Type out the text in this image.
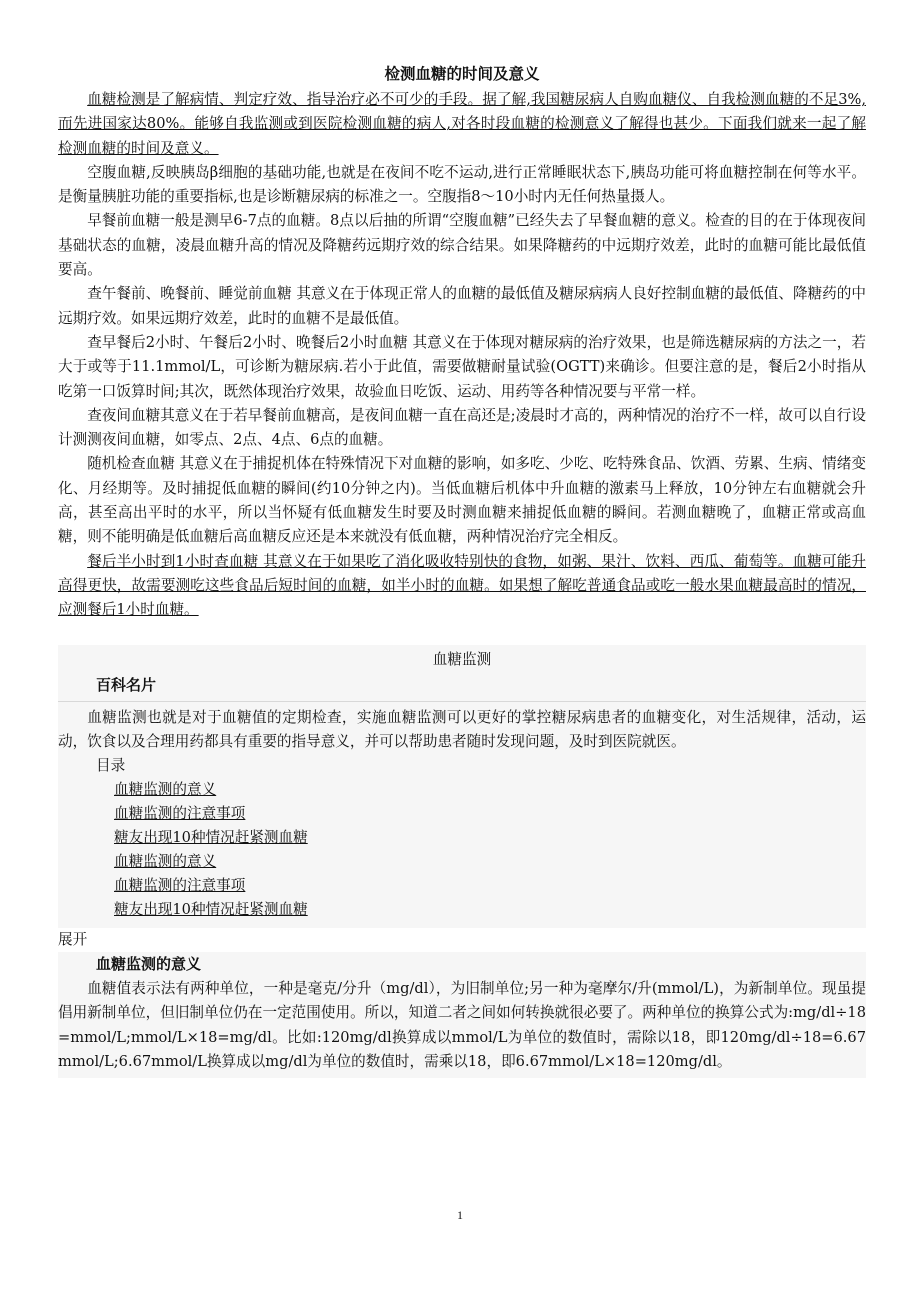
检测血糖的时间及意义

血糖检测是了解病情、判定疗效、指导治疗必不可少的手段。据了解,我国糖尿病人自购血糖仪、自我检测血糖的不足3%,而先进国家达80%。能够自我监测或到医院检测血糖的病人,对各时段血糖的检测意义了解得也甚少。下面我们就来一起了解检测血糖的时间及意义。

空腹血糖,反映胰岛β细胞的基础功能,也就是在夜间不吃不运动,进行正常睡眠状态下,胰岛功能可将血糖控制在何等水平。是衡量胰脏功能的重要指标,也是诊断糖尿病的标准之一。空腹指8～10小时内无任何热量摄人。

早餐前血糖一般是测早6-7点的血糖。8点以后抽的所谓“空腹血糖”已经失去了早餐血糖的意义。检查的目的在于体现夜间基础状态的血糖，凌晨血糖升高的情况及降糖药远期疗效的综合结果。如果降糖药的中远期疗效差，此时的血糖可能比最低值要高。

查午餐前、晚餐前、睡觉前血糖 其意义在于体现正常人的血糖的最低值及糖尿病病人良好控制血糖的最低值、降糖药的中远期疗效。如果远期疗效差，此时的血糖不是最低值。

查早餐后2小时、午餐后2小时、晚餐后2小时血糖 其意义在于体现对糖尿病的治疗效果，也是筛选糖尿病的方法之一，若大于或等于11.1mmol/L，可诊断为糖尿病.若小于此值，需要做糖耐量试验(OGTT)来确诊。但要注意的是，餐后2小时指从吃第一口饭算时间;其次，既然体现治疗效果，故验血日吃饭、运动、用药等各种情况要与平常一样。

查夜间血糖其意义在于若早餐前血糖高，是夜间血糖一直在高还是;凌晨时才高的，两种情况的治疗不一样，故可以自行设计测测夜间血糖，如零点、2点、4点、6点的血糖。

随机检查血糖 其意义在于捕捉机体在特殊情况下对血糖的影响，如多吃、少吃、吃特殊食品、饮酒、劳累、生病、情绪变化、月经期等。及时捕捉低血糖的瞬间(约10分钟之内)。当低血糖后机体中升血糖的激素马上释放，10分钟左右血糖就会升高，甚至高出平时的水平，所以当怀疑有低血糖发生时要及时测血糖来捕捉低血糖的瞬间。若测血糖晚了，血糖正常或高血糖，则不能明确是低血糖后高血糖反应还是本来就没有低血糖，两种情况治疗完全相反。

餐后半小时到1小时查血糖 其意义在于如果吃了消化吸收特别快的食物，如粥、果汁、饮料、西瓜、葡萄等。血糖可能升高得更快，故需要测吃这些食品后短时间的血糖，如半小时的血糖。如果想了解吃普通食品或吃一般水果血糖最高时的情况，应测餐后1小时血糖。

血糖监测
百科名片

血糖监测也就是对于血糖值的定期检查，实施血糖监测可以更好的掌控糖尿病患者的血糖变化，对生活规律，活动，运动，饮食以及合理用药都具有重要的指导意义，并可以帮助患者随时发现问题，及时到医院就医。

目录
血糖监测的意义
血糖监测的注意事项
糖友出现10种情况赶紧测血糖
血糖监测的意义
血糖监测的注意事项
糖友出现10种情况赶紧测血糖
展开
血糖监测的意义

血糖值表示法有两种单位，一种是毫克/分升（mg/dl），为旧制单位;另一种为毫摩尔/升(mmol/L)，为新制单位。现虽提倡用新制单位，但旧制单位仍在一定范围使用。所以，知道二者之间如何转换就很必要了。两种单位的换算公式为:mg/dl÷18=mmol/L;mmol/L×18=mg/dl。比如:120mg/dl换算成以mmol/L为单位的数值时，需除以18，即120mg/dl÷18=6.67mmol/L;6.67mmol/L换算成以mg/dl为单位的数值时，需乘以18，即6.67mmol/L×18=120mg/dl。

1
